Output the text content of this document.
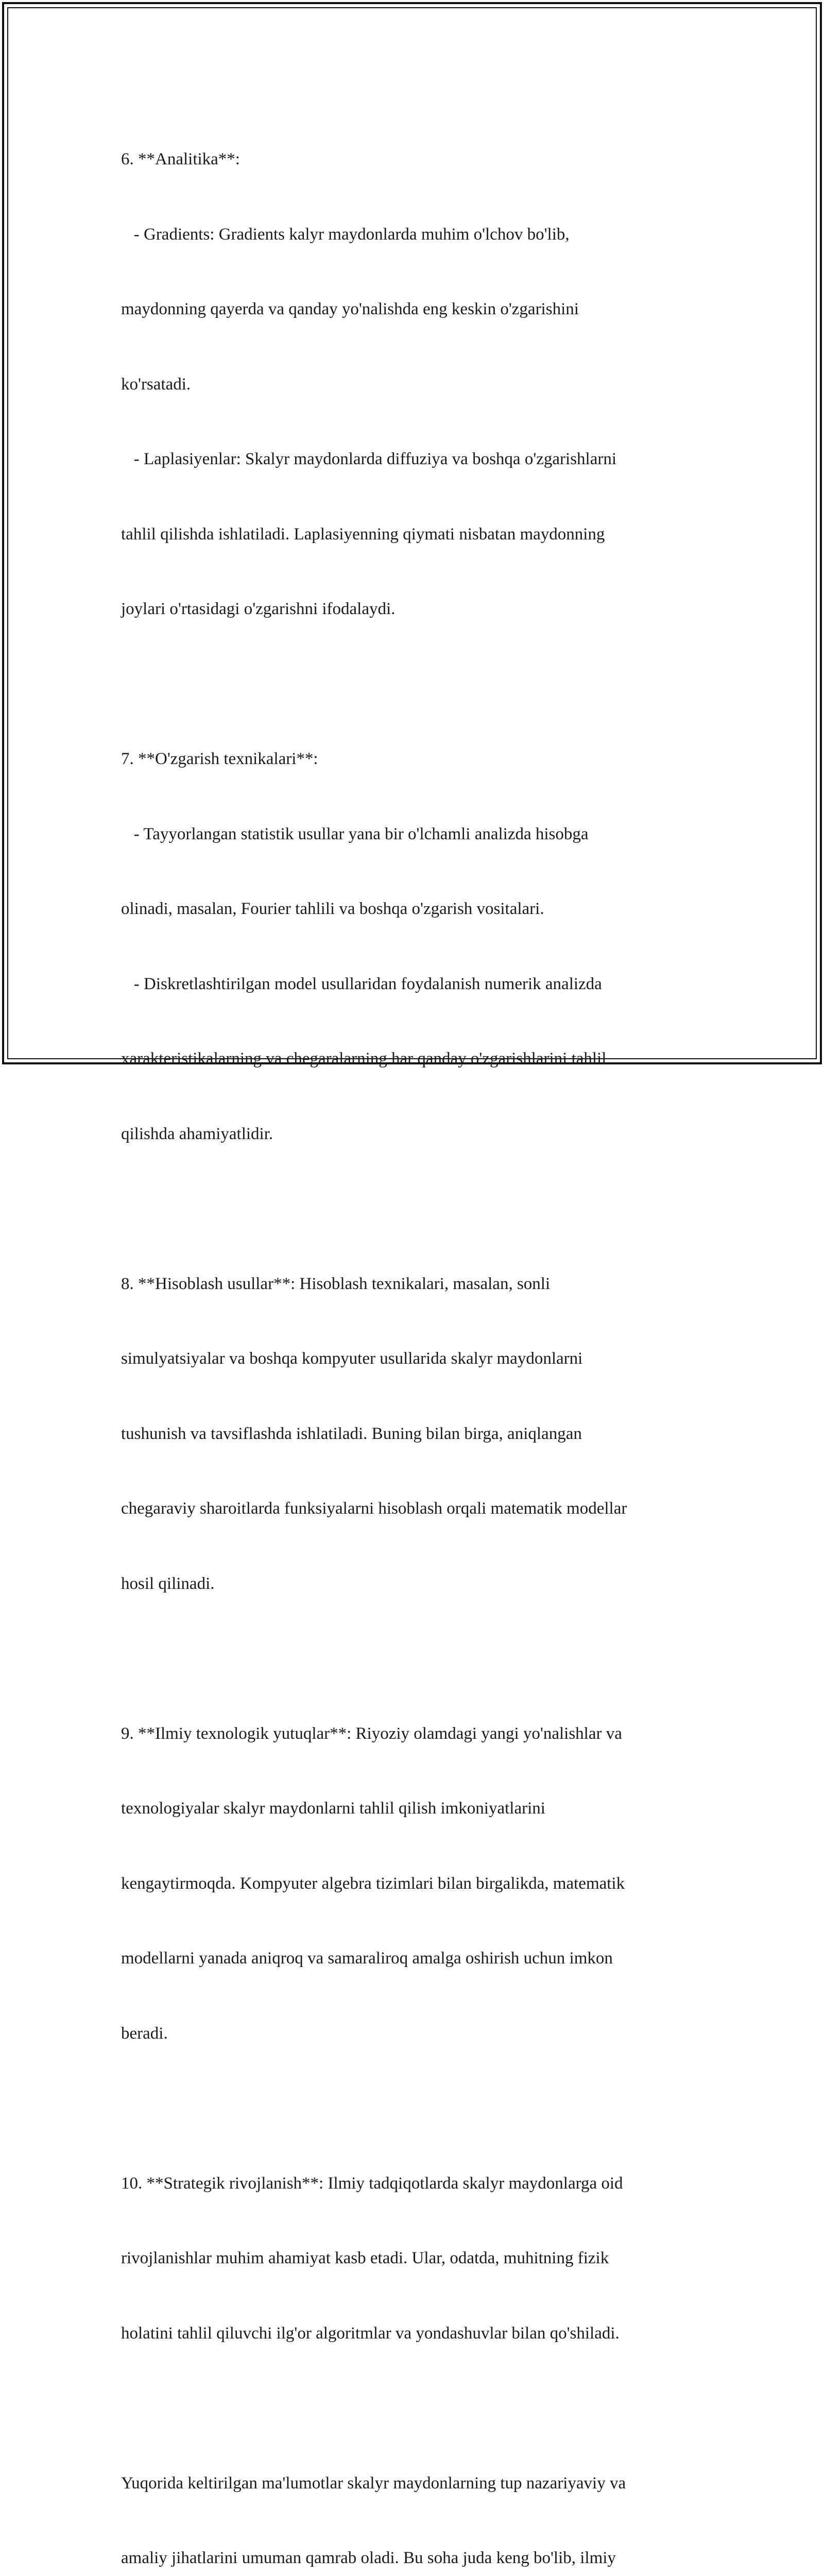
6. **Analitika**:

- Gradients: Gradients kalyr maydonlarda muhim o'lchov bo'lib,

maydonning qayerda va qanday yo'nalishda eng keskin o'zgarishini

ko'rsatadi.

- Laplasiyenlar: Skalyr maydonlarda diffuziya va boshqa o'zgarishlarni

tahlil qilishda ishlatiladi. Laplasiyenning qiymati nisbatan maydonning

joylari o'rtasidagi o'zgarishni ifodalaydi.

7. **O'zgarish texnikalari**:

- Tayyorlangan statistik usullar yana bir o'lchamli analizda hisobga

olinadi, masalan, Fourier tahlili va boshqa o'zgarish vositalari.

- Diskretlashtirilgan model usullaridan foydalanish numerik analizda

xarakteristikalarning va chegaralarning har qanday o'zgarishlarini tahlil

qilishda ahamiyatlidir.

8. **Hisoblash usullar**: Hisoblash texnikalari, masalan, sonli

simulyatsiyalar va boshqa kompyuter usullarida skalyr maydonlarni

tushunish va tavsiflashda ishlatiladi. Buning bilan birga, aniqlangan

chegaraviy sharoitlarda funksiyalarni hisoblash orqali matematik modellar

hosil qilinadi.

9. **Ilmiy texnologik yutuqlar**: Riyoziy olamdagi yangi yo'nalishlar va

texnologiyalar skalyr maydonlarni tahlil qilish imkoniyatlarini

kengaytirmoqda. Kompyuter algebra tizimlari bilan birgalikda, matematik

modellarni yanada aniqroq va samaraliroq amalga oshirish uchun imkon

beradi.

10. **Strategik rivojlanish**: Ilmiy tadqiqotlarda skalyr maydonlarga oid

rivojlanishlar muhim ahamiyat kasb etadi. Ular, odatda, muhitning fizik

holatini tahlil qiluvchi ilg'or algoritmlar va yondashuvlar bilan qo'shiladi.

Yuqorida keltirilgan ma'lumotlar skalyr maydonlarning tup nazariyaviy va

amaliy jihatlarini umuman qamrab oladi. Bu soha juda keng bo'lib, ilmiy
